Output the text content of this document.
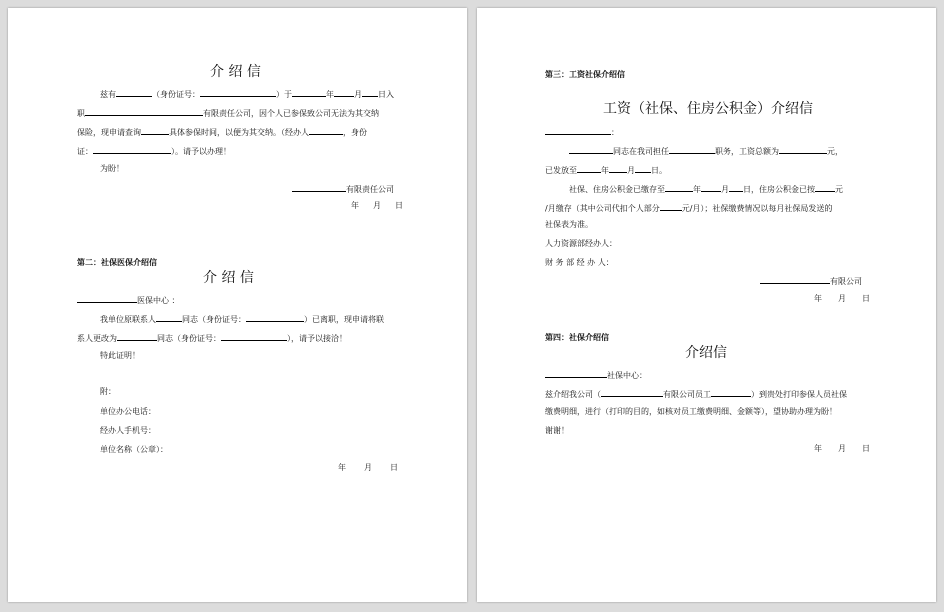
介 绍 信
兹有	（身份证号：	）于	年	月 日入
职	有限责任公司，因个人已参保致公司无法为其交纳
保险，现申请查询	具体参保时间，以便为其交纳。（经办人	，身份
证：	）。请予以办理！
为盼！
有限责任公司
年 月 日
第二：社保医保介绍信
介 绍 信
医保中心 ：
我单位原联系人	同志（身份证号：	）已离职，现申请将联
系人更改为	同志（身份证号：	），请予以接洽！
特此证明！
附：
单位办公电话：
经办人手机号：
单位名称（公章）：
年 月 日
第三：工资社保介绍信
工资（社保、住房公积金）介绍信
：
同志在我司担任	职务，工资总额为	元，
已发放至	年 月 日。
社保、住房公积金已缴存至	年	月 日，住房公积金已按	元
/月缴存（其中公司代扣个人部分	元/月）；社保缴费情况以每月社保局发送的
社保表为准。
人力资源部经办人：
财 务 部 经 办 人：
有限公司
年 月 日
第四：社保介绍信
介绍信
社保中心：
兹介绍我公司（	有限公司员工	）到贵处打印参保人员社保
缴费明细，进行（打印的目的，如核对员工缴费明细、金额等），望协助办理为盼！
谢谢！
年 月 日
